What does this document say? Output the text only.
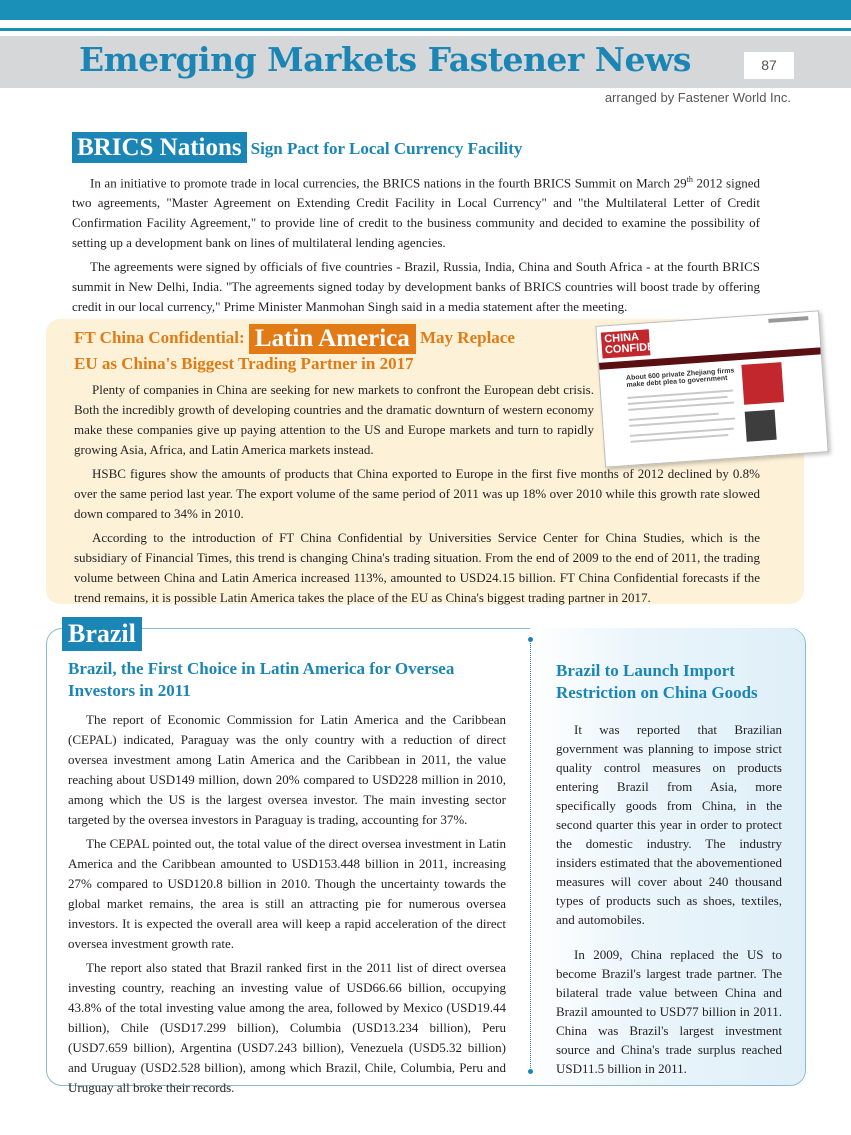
Emerging Markets Fastener News	87
arranged by Fastener World Inc.
BRICS Nations Sign Pact for Local Currency Facility

In an initiative to promote trade in local currencies, the BRICS nations in the fourth BRICS Summit on March 29th 2012 signed two agreements, "Master Agreement on Extending Credit Facility in Local Currency" and "the Multilateral Letter of Credit Confirmation Facility Agreement," to provide line of credit to the business community and decided to examine the possibility of setting up a development bank on lines of multilateral lending agencies.

The agreements were signed by officials of five countries - Brazil, Russia, India, China and South Africa - at the fourth BRICS summit in New Delhi, India. "The agreements signed today by development banks of BRICS countries will boost trade by offering credit in our local currency," Prime Minister Manmohan Singh said in a media statement after the meeting.

FT China Confidential: Latin America May Replace
EU as China's Biggest Trading Partner in 2017

Plenty of companies in China are seeking for new markets to confront the European debt crisis. Both the incredibly growth of developing countries and the dramatic downturn of western economy make these companies give up paying attention to the US and Europe markets and turn to rapidly growing Asia, Africa, and Latin America markets instead.

HSBC figures show the amounts of products that China exported to Europe in the first five months of 2012 declined by 0.8% over the same period last year. The export volume of the same period of 2011 was up 18% over 2010 while this growth rate slowed down compared to 34% in 2010.

According to the introduction of FT China Confidential by Universities Service Center for China Studies, which is the subsidiary of Financial Times, this trend is changing China's trading situation. From the end of 2009 to the end of 2011, the trading volume between China and Latin America increased 113%, amounted to USD24.15 billion. FT China Confidential forecasts if the trend remains, it is possible Latin America takes the place of the EU as China's biggest trading partner in 2017.

CHINA CONFIDENTIAL
About 600 private Zhejiang firms make debt plea to government
Brazil
Brazil, the First Choice in Latin America for Oversea Investors in 2011

The report of Economic Commission for Latin America and the Caribbean (CEPAL) indicated, Paraguay was the only country with a reduction of direct oversea investment among Latin America and the Caribbean in 2011, the value reaching about USD149 million, down 20% compared to USD228 million in 2010, among which the US is the largest oversea investor. The main investing sector targeted by the oversea investors in Paraguay is trading, accounting for 37%.

The CEPAL pointed out, the total value of the direct oversea investment in Latin America and the Caribbean amounted to USD153.448 billion in 2011, increasing 27% compared to USD120.8 billion in 2010. Though the uncertainty towards the global market remains, the area is still an attracting pie for numerous oversea investors. It is expected the overall area will keep a rapid acceleration of the direct oversea investment growth rate.

The report also stated that Brazil ranked first in the 2011 list of direct oversea investing country, reaching an investing value of USD66.66 billion, occupying 43.8% of the total investing value among the area, followed by Mexico (USD19.44 billion), Chile (USD17.299 billion), Columbia (USD13.234 billion), Peru (USD7.659 billion), Argentina (USD7.243 billion), Venezuela (USD5.32 billion) and Uruguay (USD2.528 billion), among which Brazil, Chile, Columbia, Peru and Uruguay all broke their records.

Brazil to Launch Import Restriction on China Goods

It was reported that Brazilian government was planning to impose strict quality control measures on products entering Brazil from Asia, more specifically goods from China, in the second quarter this year in order to protect the domestic industry. The industry insiders estimated that the abovementioned measures will cover about 240 thousand types of products such as shoes, textiles, and automobiles.

In 2009, China replaced the US to become Brazil's largest trade partner. The bilateral trade value between China and Brazil amounted to USD77 billion in 2011. China was Brazil's largest investment source and China's trade surplus reached USD11.5 billion in 2011.
